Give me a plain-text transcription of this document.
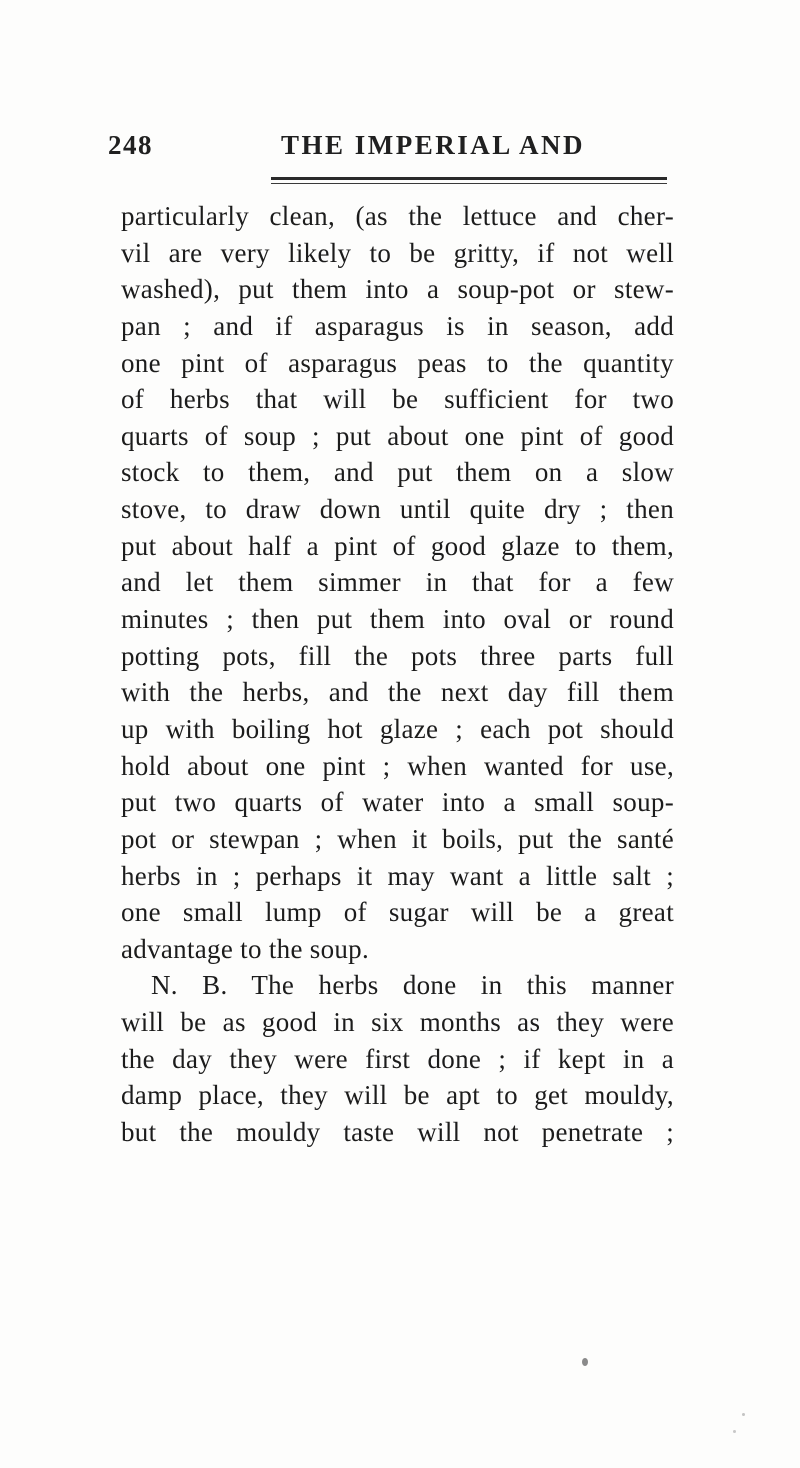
248	THE IMPERIAL AND
particularly clean, (as the lettuce and cher-
vil are very likely to be gritty, if not well
washed), put them into a soup-pot or stew-
pan ; and if asparagus is in season, add
one pint of asparagus peas to the quantity
of herbs that will be sufficient for two
quarts of soup ; put about one pint of good
stock to them, and put them on a slow
stove, to draw down until quite dry ; then
put about half a pint of good glaze to them,
and let them simmer in that for a few
minutes ; then put them into oval or round
potting pots, fill the pots three parts full
with the herbs, and the next day fill them
up with boiling hot glaze ; each pot should
hold about one pint ; when wanted for use,
put two quarts of water into a small soup-
pot or stewpan ; when it boils, put the santé
herbs in ; perhaps it may want a little salt ;
one small lump of sugar will be a great
advantage to the soup.
N. B. The herbs done in this manner
will be as good in six months as they were
the day they were first done ; if kept in a
damp place, they will be apt to get mouldy,
but the mouldy taste will not penetrate ;
